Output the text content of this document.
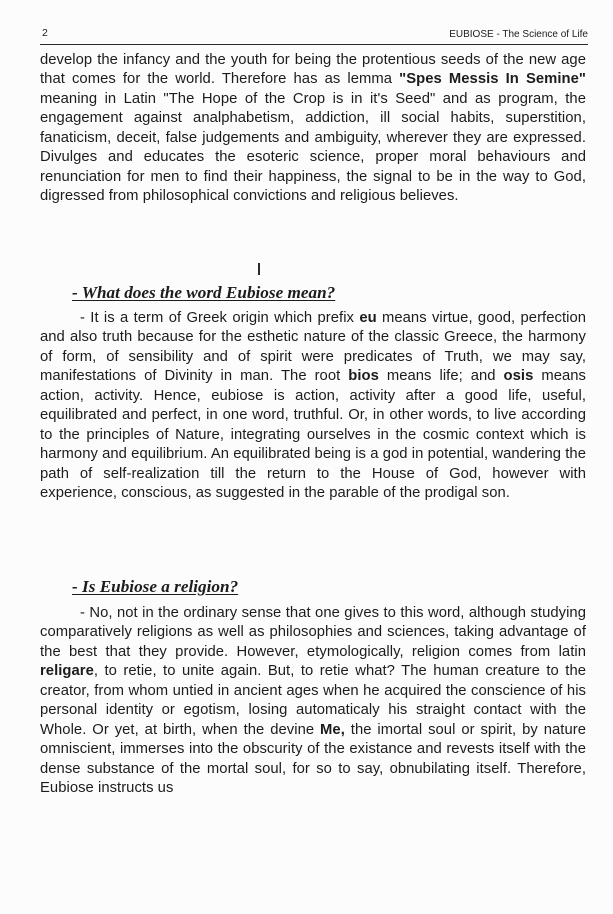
2	EUBIOSE - The Science of Life

develop the infancy and the youth for being the protentious seeds of the new age that comes for the world. Therefore has as lemma "Spes Messis In Semine" meaning in Latin "The Hope of the Crop is in it's Seed" and as program, the engagement against analphabetism, addiction, ill social habits, superstition, fanaticism, deceit, false judgements and ambiguity, wherever they are expressed. Divulges and educates the esoteric science, proper moral behaviours and renunciation for men to find their happiness, the signal to be in the way to God, digressed from philosophical convictions and religious believes.

- What does the word Eubiose mean?

- It is a term of Greek origin which prefix eu means virtue, good, perfection and also truth because for the esthetic nature of the classic Greece, the harmony of form, of sensibility and of spirit were predicates of Truth, we may say, manifestations of Divinity in man. The root bios means life; and osis means action, activity. Hence, eubiose is action, activity after a good life, useful, equilibrated and perfect, in one word, truthful. Or, in other words, to live according to the principles of Nature, integrating ourselves in the cosmic context which is harmony and equilibrium. An equilibrated being is a god in potential, wandering the path of self-realization till the return to the House of God, however with experience, conscious, as suggested in the parable of the prodigal son.

- Is Eubiose a religion?

- No, not in the ordinary sense that one gives to this word, although studying comparatively religions as well as philosophies and sciences, taking advantage of the best that they provide. However, etymologically, religion comes from latin religare, to retie, to unite again. But, to retie what? The human creature to the creator, from whom untied in ancient ages when he acquired the conscience of his personal identity or egotism, losing automaticaly his straight contact with the Whole. Or yet, at birth, when the devine Me, the imortal soul or spirit, by nature omniscient, immerses into the obscurity of the existance and revests itself with the dense substance of the mortal soul, for so to say, obnubilating itself. Therefore, Eubiose instructs us
